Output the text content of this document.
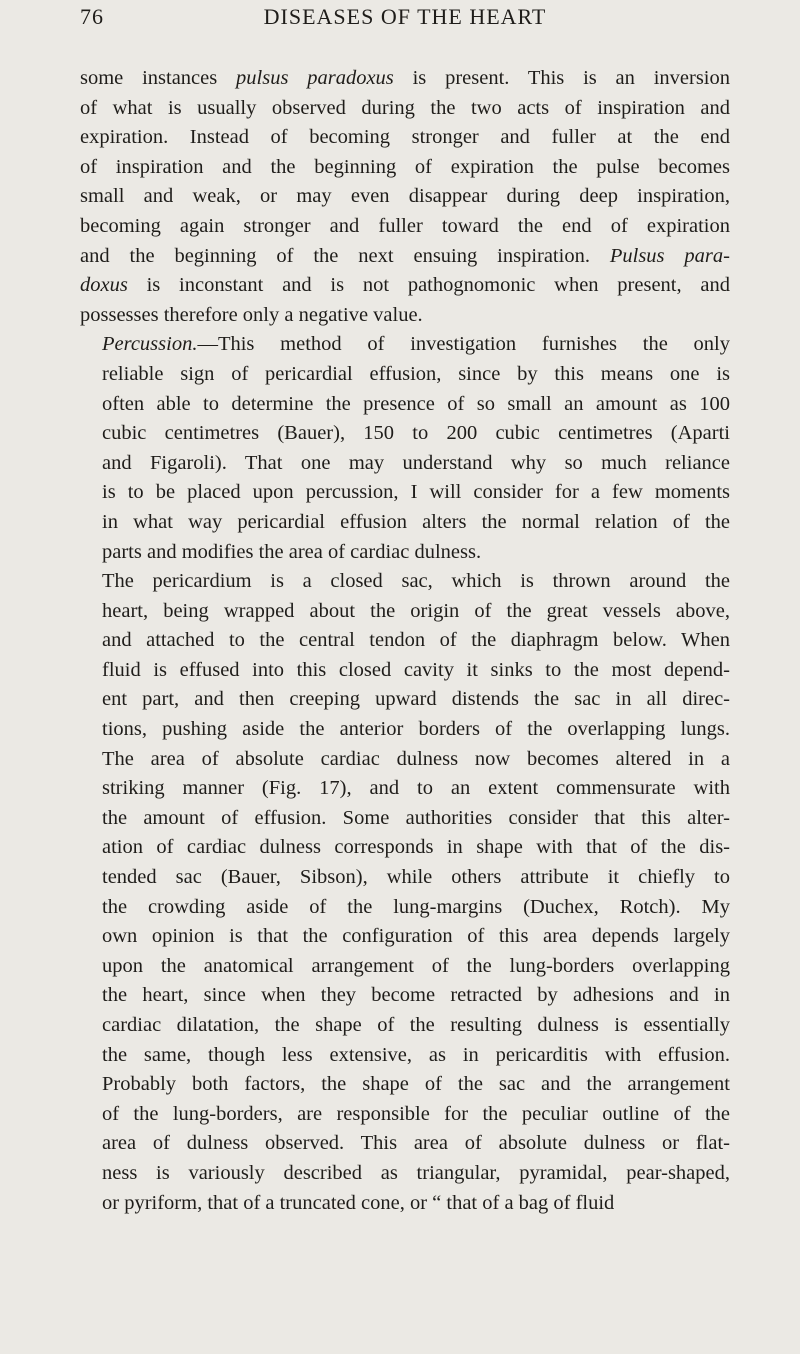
76	DISEASES OF THE HEART

some instances pulsus paradoxus is present. This is an inversion
of what is usually observed during the two acts of inspiration and
expiration. Instead of becoming stronger and fuller at the end
of inspiration and the beginning of expiration the pulse becomes
small and weak, or may even disappear during deep inspiration,
becoming again stronger and fuller toward the end of expiration
and the beginning of the next ensuing inspiration. Pulsus para-
doxus is inconstant and is not pathognomonic when present, and
possesses therefore only a negative value.

Percussion.—This method of investigation furnishes the only
reliable sign of pericardial effusion, since by this means one is
often able to determine the presence of so small an amount as 100
cubic centimetres (Bauer), 150 to 200 cubic centimetres (Aparti
and Figaroli). That one may understand why so much reliance
is to be placed upon percussion, I will consider for a few moments
in what way pericardial effusion alters the normal relation of the
parts and modifies the area of cardiac dulness.

The pericardium is a closed sac, which is thrown around the
heart, being wrapped about the origin of the great vessels above,
and attached to the central tendon of the diaphragm below. When
fluid is effused into this closed cavity it sinks to the most depend-
ent part, and then creeping upward distends the sac in all direc-
tions, pushing aside the anterior borders of the overlapping lungs.
The area of absolute cardiac dulness now becomes altered in a
striking manner (Fig. 17), and to an extent commensurate with
the amount of effusion. Some authorities consider that this alter-
ation of cardiac dulness corresponds in shape with that of the dis-
tended sac (Bauer, Sibson), while others attribute it chiefly to
the crowding aside of the lung-margins (Duchex, Rotch). My
own opinion is that the configuration of this area depends largely
upon the anatomical arrangement of the lung-borders overlapping
the heart, since when they become retracted by adhesions and in
cardiac dilatation, the shape of the resulting dulness is essentially
the same, though less extensive, as in pericarditis with effusion.
Probably both factors, the shape of the sac and the arrangement
of the lung-borders, are responsible for the peculiar outline of the
area of dulness observed. This area of absolute dulness or flat-
ness is variously described as triangular, pyramidal, pear-shaped,
or pyriform, that of a truncated cone, or “ that of a bag of fluid
